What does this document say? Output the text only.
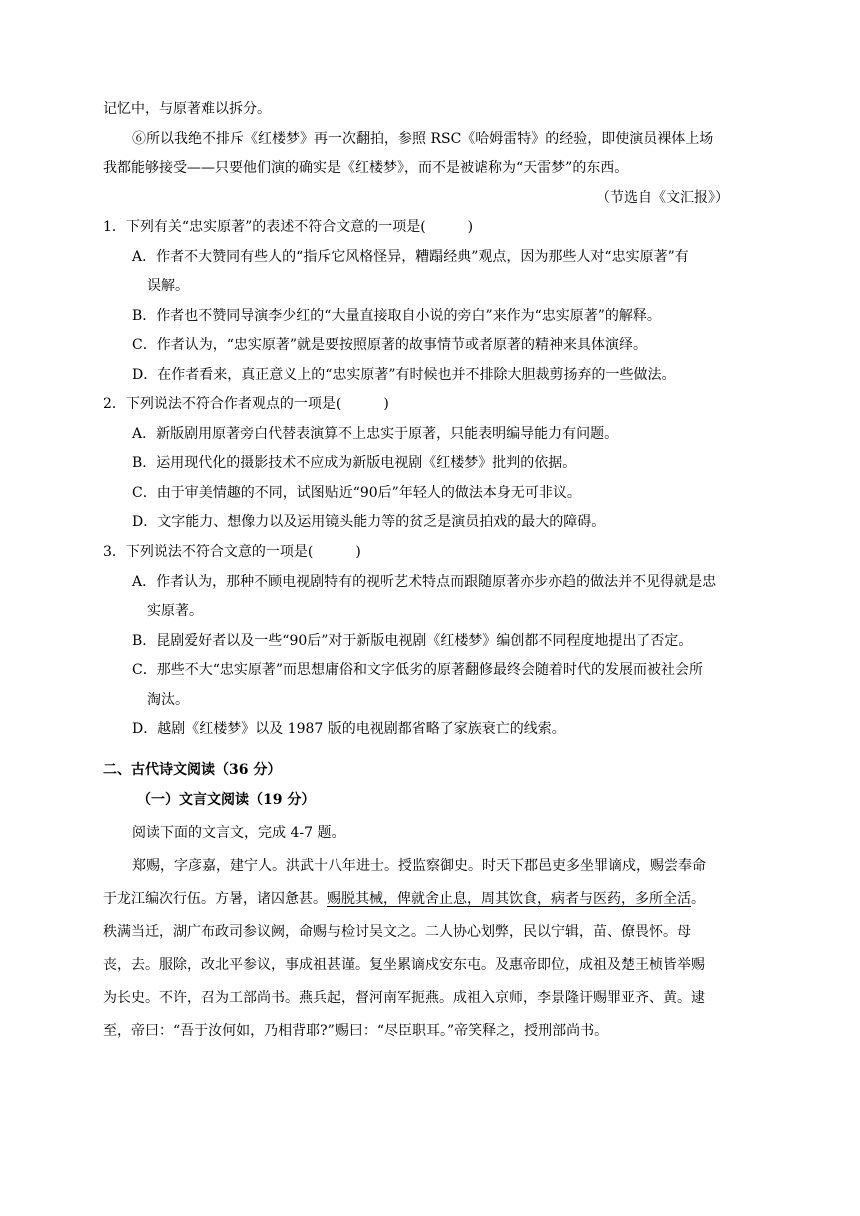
记忆中，与原著难以拆分。
⑥所以我绝不排斥《红楼梦》再一次翻拍，参照 RSC《哈姆雷特》的经验，即使演员裸体上场
我都能够接受——只要他们演的确实是《红楼梦》，而不是被谑称为“天雷梦”的东西。
（节选自《文汇报》）
1．下列有关“忠实原著”的表述不符合文意的一项是(　　　)
A．作者不大赞同有些人的“指斥它风格怪异，糟蹋经典”观点，因为那些人对“忠实原著”有
误解。
B．作者也不赞同导演李少红的“大量直接取自小说的旁白”来作为“忠实原著”的解释。
C．作者认为，“忠实原著”就是要按照原著的故事情节或者原著的精神来具体演绎。
D．在作者看来，真正意义上的“忠实原著”有时候也并不排除大胆裁剪扬弃的一些做法。
2．下列说法不符合作者观点的一项是(　　　)
A．新版剧用原著旁白代替表演算不上忠实于原著，只能表明编导能力有问题。
B．运用现代化的摄影技术不应成为新版电视剧《红楼梦》批判的依据。
C．由于审美情趣的不同，试图贴近“90后”年轻人的做法本身无可非议。
D．文字能力、想像力以及运用镜头能力等的贫乏是演员拍戏的最大的障碍。
3．下列说法不符合文意的一项是(　　　)
A．作者认为，那种不顾电视剧特有的视听艺术特点而跟随原著亦步亦趋的做法并不见得就是忠
实原著。
B．昆剧爱好者以及一些“90后”对于新版电视剧《红楼梦》编创都不同程度地提出了否定。
C．那些不大“忠实原著”而思想庸俗和文字低劣的原著翻修最终会随着时代的发展而被社会所
淘汰。
D．越剧《红楼梦》以及 1987 版的电视剧都省略了家族衰亡的线索。
二、古代诗文阅读（36 分）
（一）文言文阅读（19 分）
阅读下面的文言文，完成 4-7 题。
郑赐，字彦嘉，建宁人。洪武十八年进士。授监察御史。时天下郡邑吏多坐罪谪戍，赐尝奉命
于龙江编次行伍。方暑，诸囚惫甚。赐脱其械，俾就舍止息，周其饮食，病者与医药，多所全活。
秩满当迁，湖广布政司参议阙，命赐与检讨吴文之。二人协心划弊，民以宁辑，苗、僚畏怀。母
丧，去。服除，改北平参议，事成祖甚谨。复坐累谪戍安东屯。及惠帝即位，成祖及楚王桢皆举赐
为长史。不许，召为工部尚书。燕兵起，督河南军扼燕。成祖入京师，李景隆讦赐罪亚齐、黄。逮
至，帝曰：“吾于汝何如，乃相背耶?”赐曰：“尽臣职耳。”帝笑释之，授刑部尚书。
